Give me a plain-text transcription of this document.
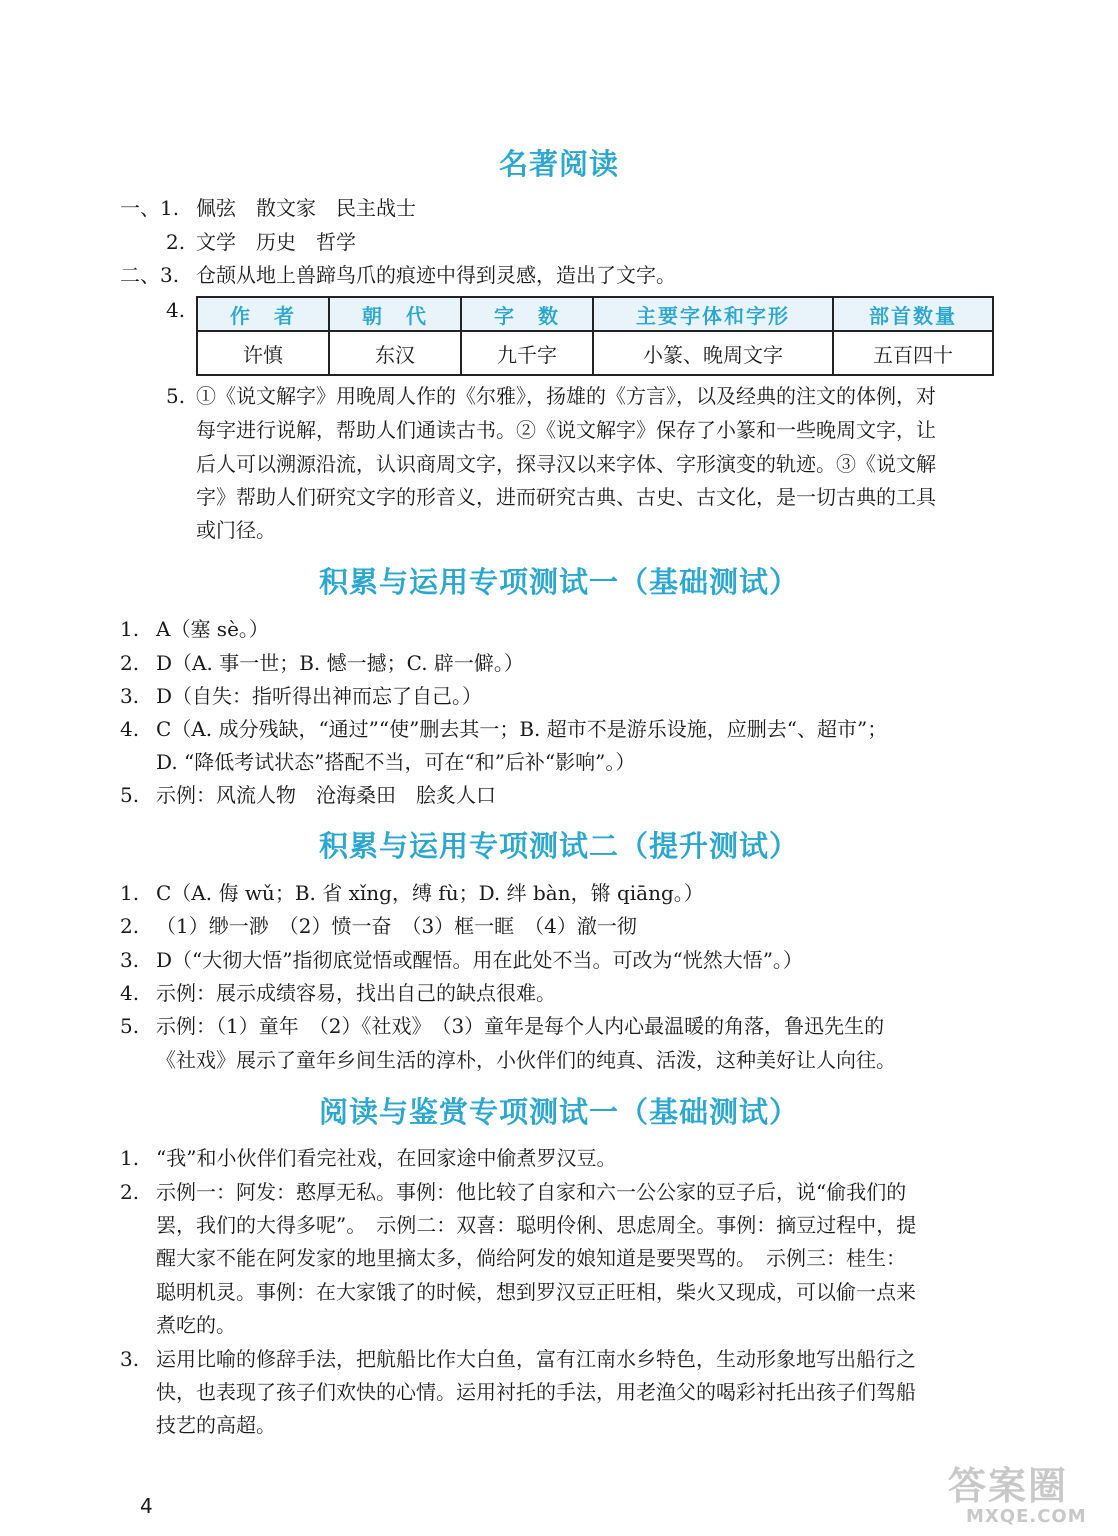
名著阅读
一、1. 佩弦　散文家　民主战士
2. 文学　历史　哲学
二、3. 仓颉从地上兽蹄鸟爪的痕迹中得到灵感，造出了文字。
4. 作　者	朝　代	字　数	主要字体和字形	部首数量
许慎	东汉	九千字	小篆、晚周文字	五百四十
5. ①《说文解字》用晚周人作的《尔雅》，扬雄的《方言》，以及经典的注文的体例，对
每字进行说解，帮助人们通读古书。②《说文解字》保存了小篆和一些晚周文字，让
后人可以溯源沿流，认识商周文字，探寻汉以来字体、字形演变的轨迹。③《说文解
字》帮助人们研究文字的形音义，进而研究古典、古史、古文化，是一切古典的工具
或门径。
积累与运用专项测试一（基础测试）
1. A（塞 sè。）
2. D（A. 事一世；B. 憾一撼；C. 辟一僻。）
3. D（自失：指听得出神而忘了自己。）
4. C（A. 成分残缺，“通过”“使”删去其一；B. 超市不是游乐设施，应删去“、超市”；
D. “降低考试状态”搭配不当，可在“和”后补“影响”。）
5. 示例：风流人物　沧海桑田　脍炙人口
积累与运用专项测试二（提升测试）
1. C（A. 侮 wǔ；B. 省 xǐng，缚 fù；D. 绊 bàn，锵 qiāng。）
2. （1）缈一渺　（2）愤一奋　（3）框一眶　（4）澈一彻
3. D（“大彻大悟”指彻底觉悟或醒悟。用在此处不当。可改为“恍然大悟”。）
4. 示例：展示成绩容易，找出自己的缺点很难。
5. 示例：（1）童年　（2）《社戏》　（3）童年是每个人内心最温暖的角落，鲁迅先生的
《社戏》展示了童年乡间生活的淳朴，小伙伴们的纯真、活泼，这种美好让人向往。
阅读与鉴赏专项测试一（基础测试）
1. “我”和小伙伴们看完社戏，在回家途中偷煮罗汉豆。
2. 示例一：阿发：憨厚无私。事例：他比较了自家和六一公公家的豆子后，说“偷我们的
罢，我们的大得多呢”。　示例二：双喜：聪明伶俐、思虑周全。事例：摘豆过程中，提
醒大家不能在阿发家的地里摘太多，倘给阿发的娘知道是要哭骂的。　示例三：桂生：
聪明机灵。事例：在大家饿了的时候，想到罗汉豆正旺相，柴火又现成，可以偷一点来
煮吃的。
3. 运用比喻的修辞手法，把航船比作大白鱼，富有江南水乡特色，生动形象地写出船行之
快，也表现了孩子们欢快的心情。运用衬托的手法，用老渔父的喝彩衬托出孩子们驾船
技艺的高超。
4	答案圈
MXQE.COM
